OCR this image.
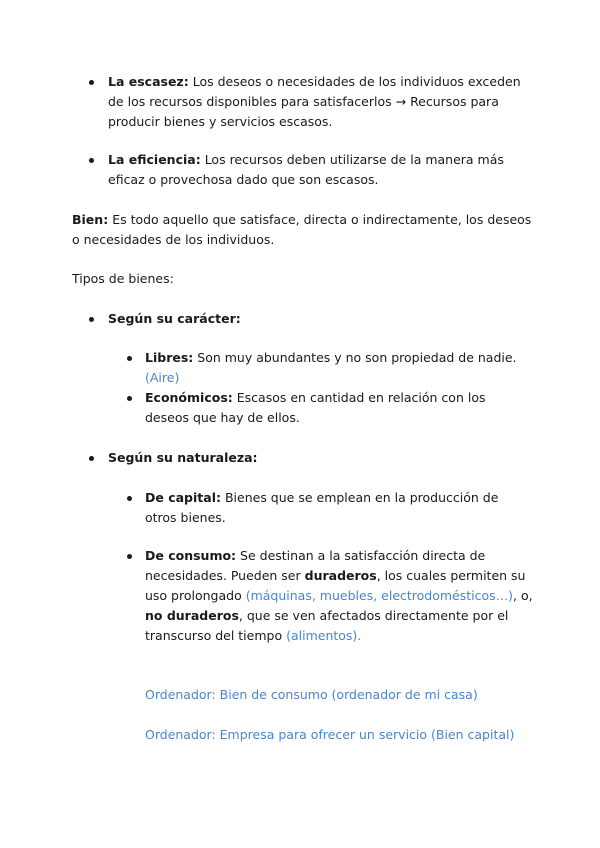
La escasez: Los deseos o necesidades de los individuos exceden de los recursos disponibles para satisfacerlos → Recursos para producir bienes y servicios escasos.
La eficiencia: Los recursos deben utilizarse de la manera más eficaz o provechosa dado que son escasos.
Bien: Es todo aquello que satisface, directa o indirectamente, los deseos o necesidades de los individuos.
Tipos de bienes:
Según su carácter:
Libres: Son muy abundantes y no son propiedad de nadie. (Aire)
Económicos: Escasos en cantidad en relación con los deseos que hay de ellos.
Según su naturaleza:
De capital: Bienes que se emplean en la producción de otros bienes.
De consumo: Se destinan a la satisfacción directa de necesidades. Pueden ser duraderos, los cuales permiten su uso prolongado (máquinas, muebles, electrodomésticos…), o, no duraderos, que se ven afectados directamente por el transcurso del tiempo (alimentos).
Ordenador: Bien de consumo (ordenador de mi casa)
Ordenador: Empresa para ofrecer un servicio (Bien capital)
